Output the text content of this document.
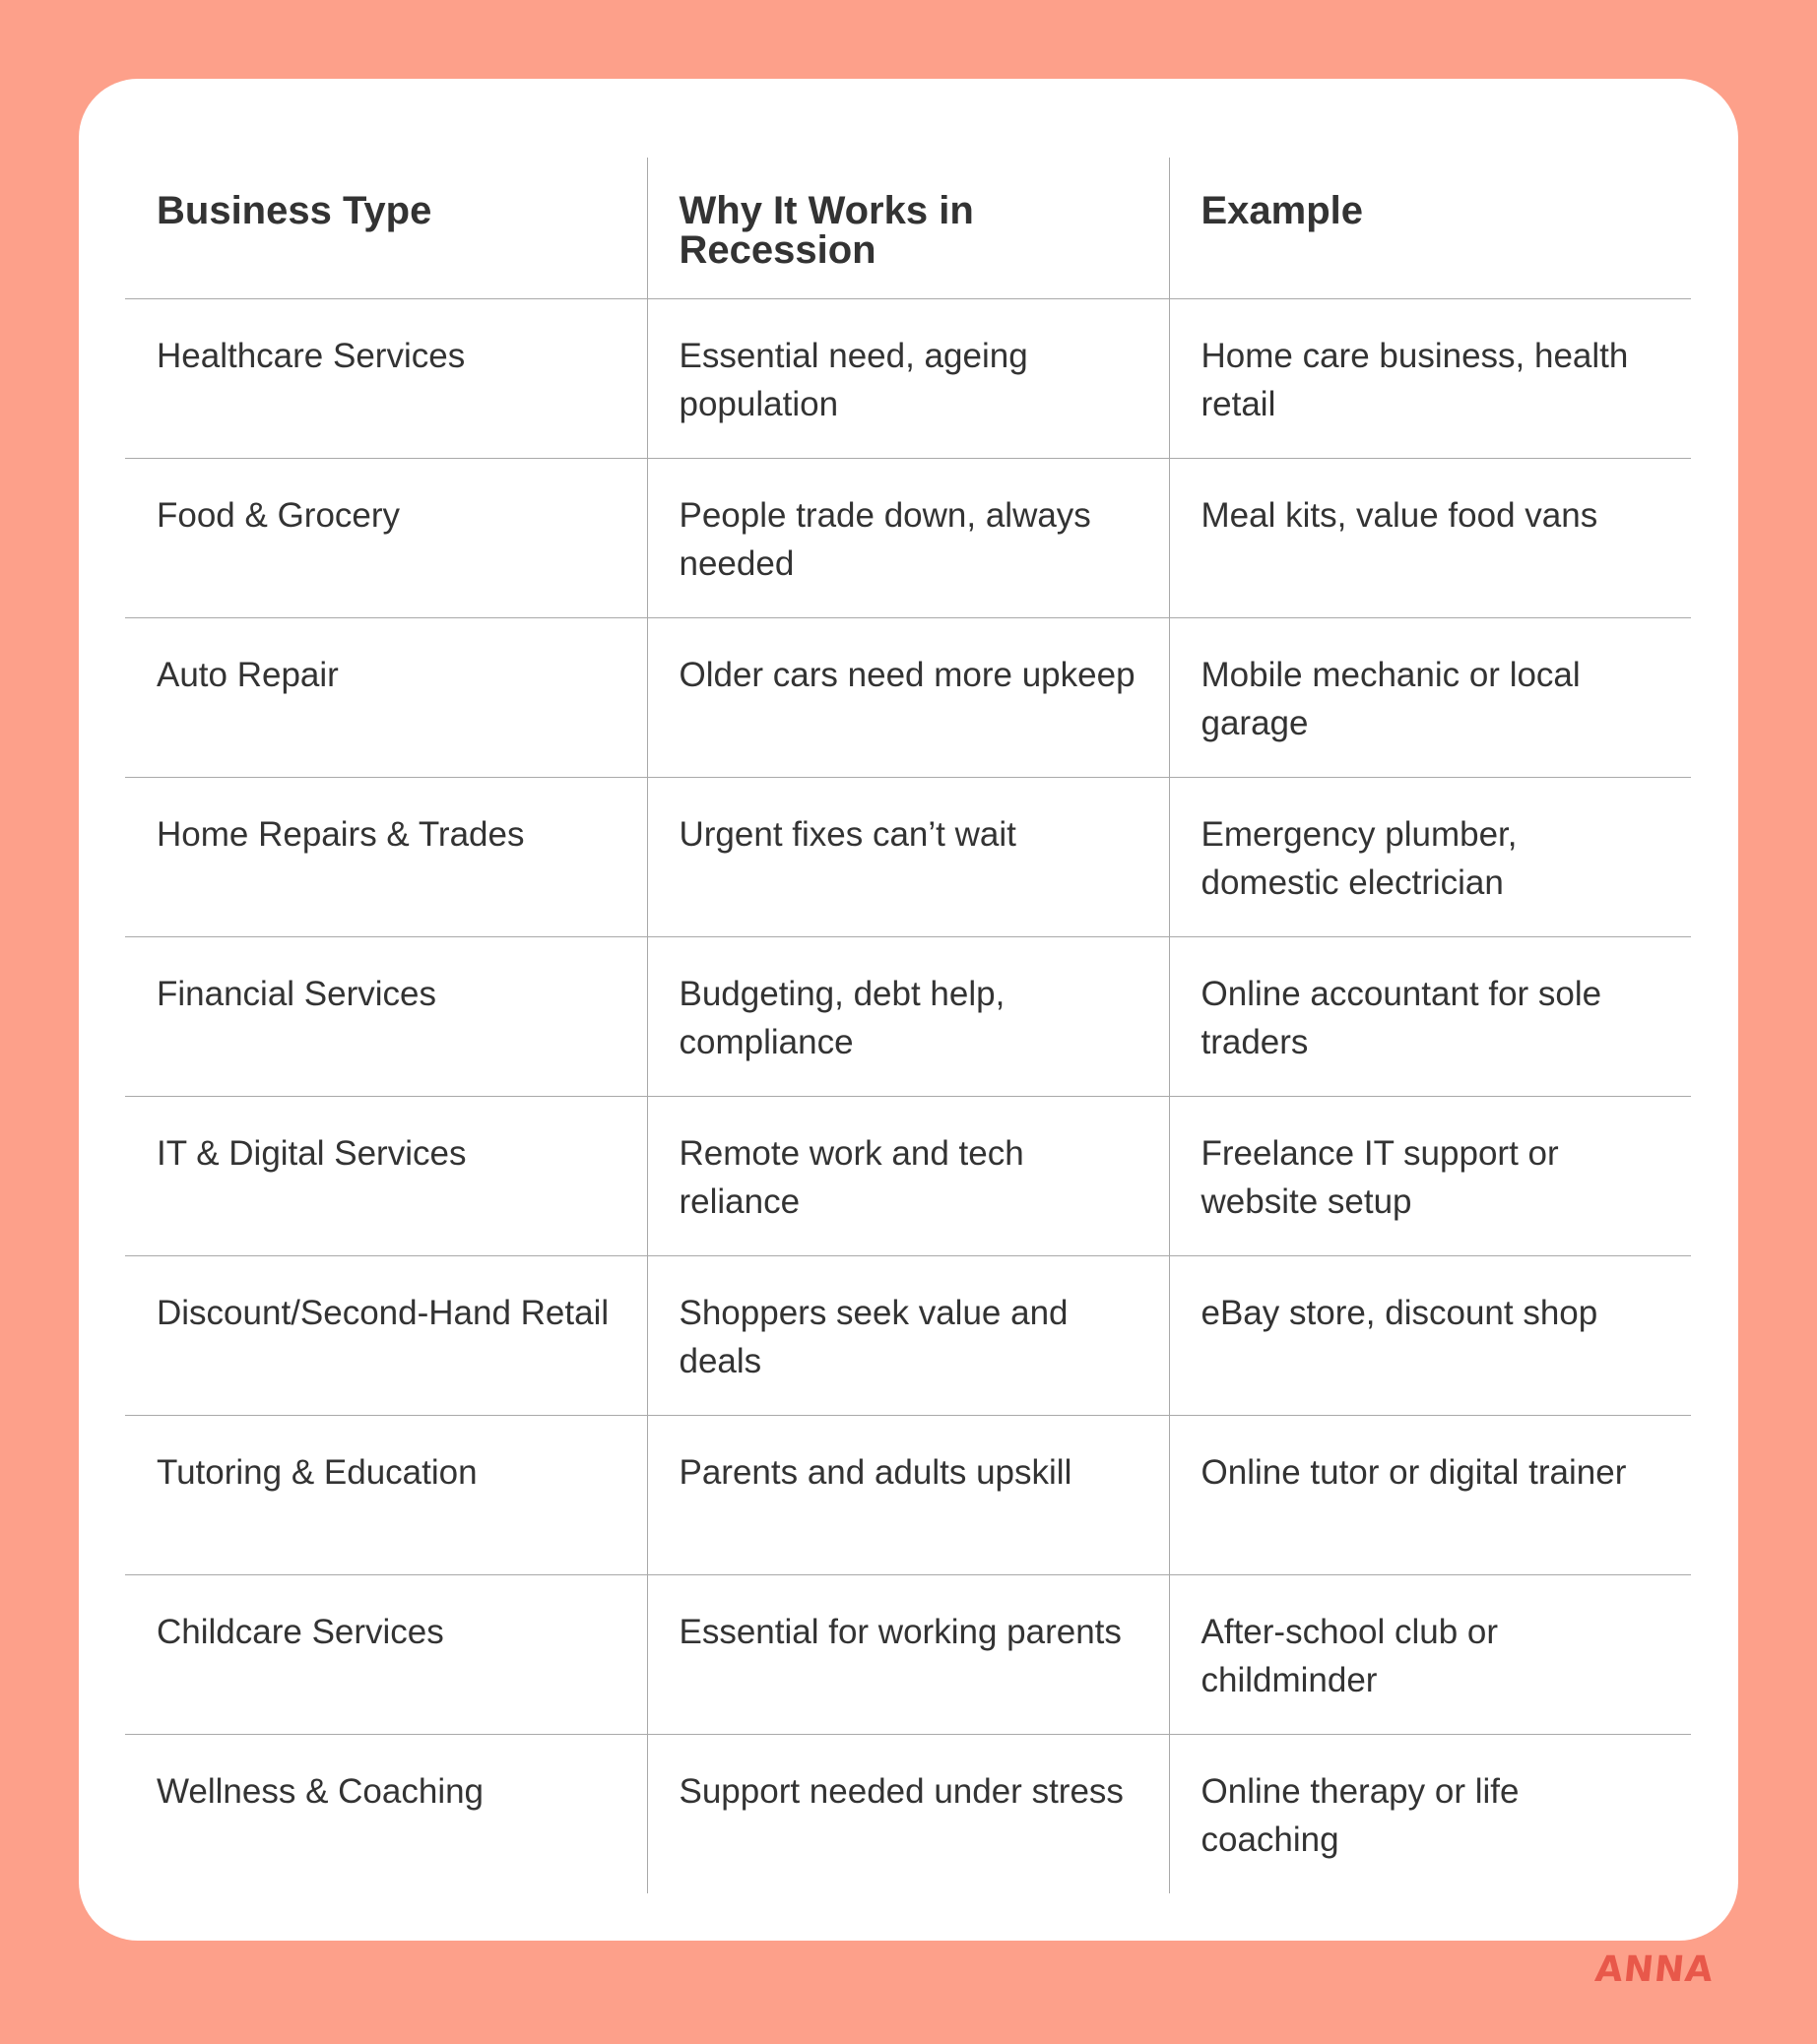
Business Type	Why It Works in Recession	Example
Healthcare Services	Essential need, ageing population	Home care business, health retail
Food & Grocery	People trade down, always needed	Meal kits, value food vans
Auto Repair	Older cars need more upkeep	Mobile mechanic or local garage
Home Repairs & Trades	Urgent fixes can’t wait	Emergency plumber, domestic electrician
Financial Services	Budgeting, debt help, compliance	Online accountant for sole traders
IT & Digital Services	Remote work and tech reliance	Freelance IT support or website setup
Discount/Second-Hand Retail	Shoppers seek value and deals	eBay store, discount shop
Tutoring & Education	Parents and adults upskill	Online tutor or digital trainer
Childcare Services	Essential for working parents	After-school club or childminder
Wellness & Coaching	Support needed under stress	Online therapy or life coaching
ANNA
